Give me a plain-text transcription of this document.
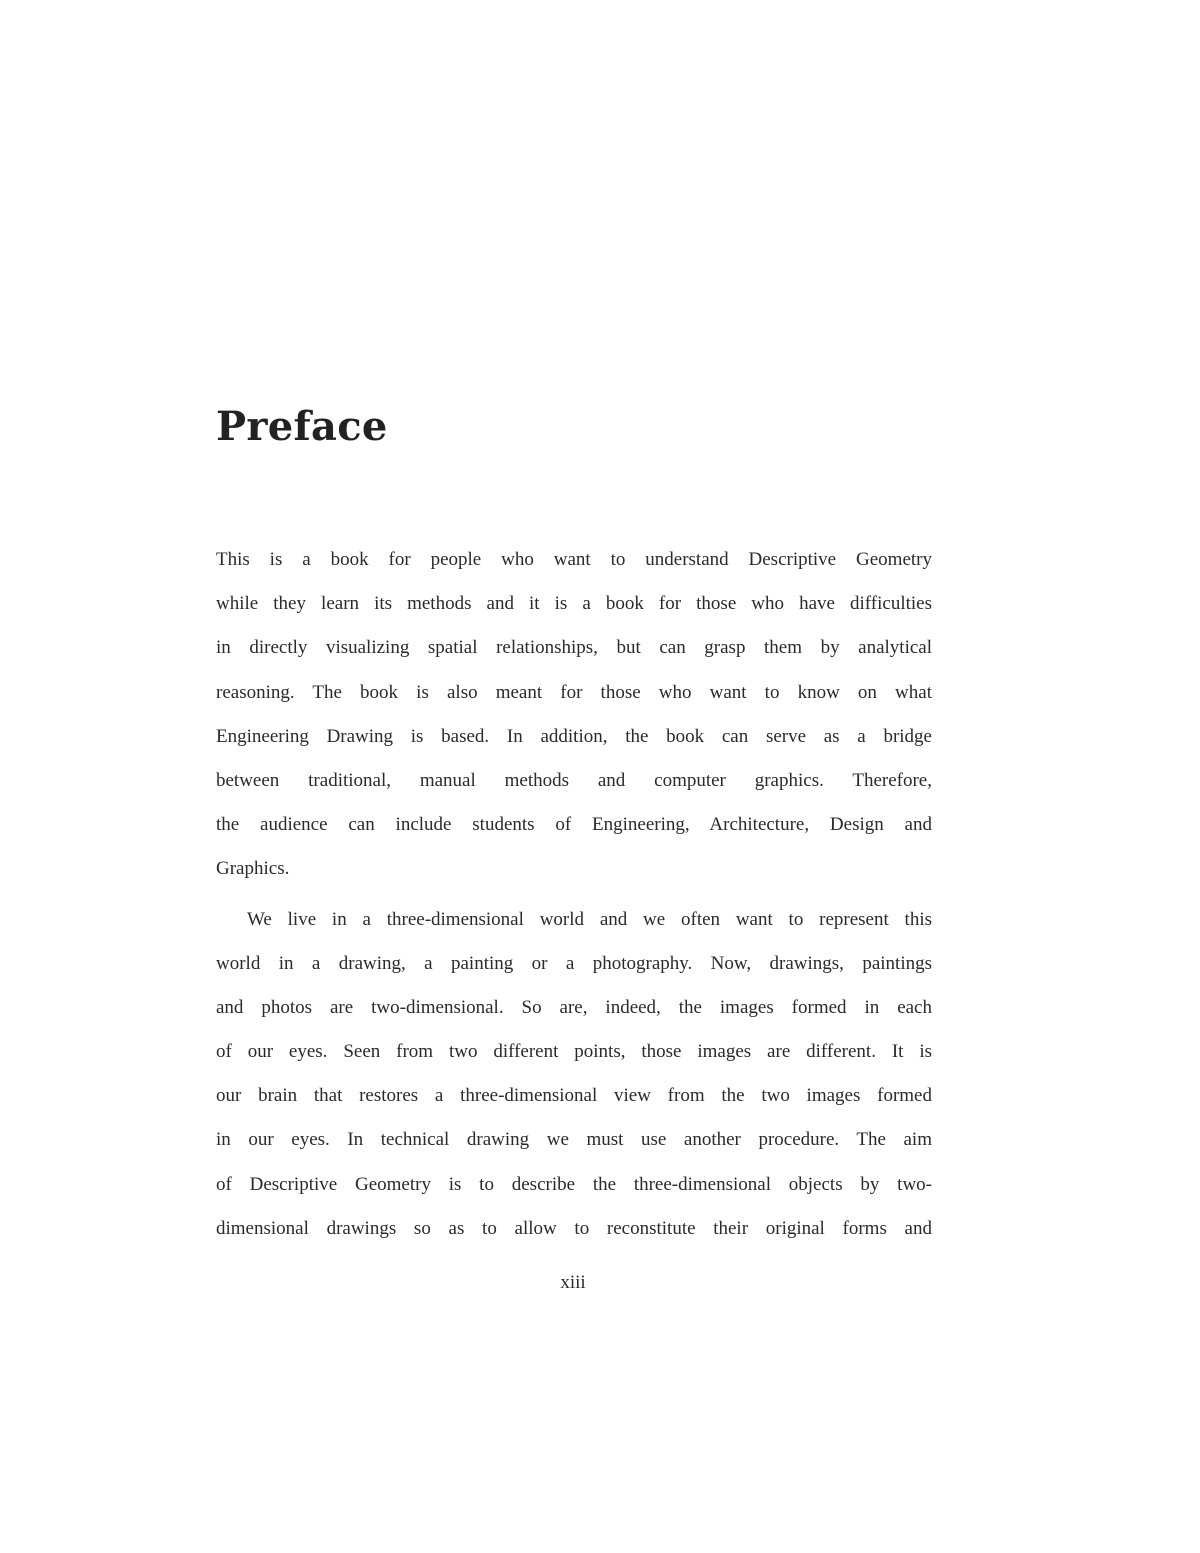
Preface
This is a book for people who want to understand Descriptive Geometry
while they learn its methods and it is a book for those who have difficulties
in directly visualizing spatial relationships, but can grasp them by analytical
reasoning. The book is also meant for those who want to know on what
Engineering Drawing is based. In addition, the book can serve as a bridge
between traditional, manual methods and computer graphics. Therefore,
the audience can include students of Engineering, Architecture, Design and
Graphics.
We live in a three-dimensional world and we often want to represent this
world in a drawing, a painting or a photography. Now, drawings, paintings
and photos are two-dimensional. So are, indeed, the images formed in each
of our eyes. Seen from two different points, those images are different. It is
our brain that restores a three-dimensional view from the two images formed
in our eyes. In technical drawing we must use another procedure. The aim
of Descriptive Geometry is to describe the three-dimensional objects by two-
dimensional drawings so as to allow to reconstitute their original forms and
xiii
